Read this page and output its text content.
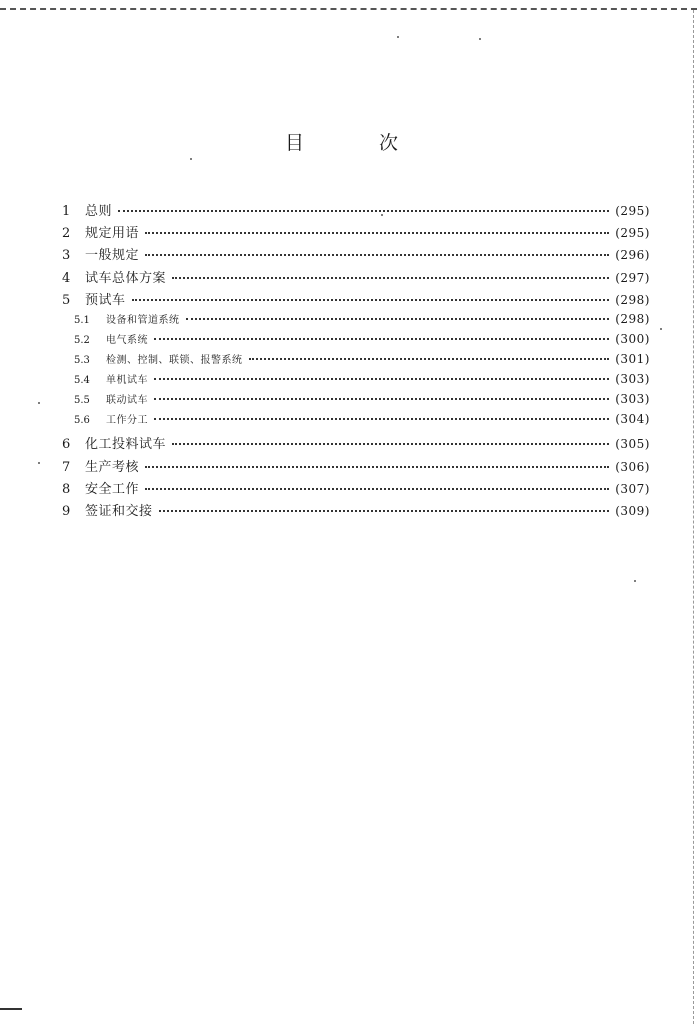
目　次
1	总则	(295)
2	规定用语	(295)
3	一般规定	(296)
4	试车总体方案	(297)
5	预试车	(298)
5.1	设备和管道系统	(298)
5.2	电气系统	(300)
5.3	检测、控制、联锁、报警系统	(301)
5.4	单机试车	(303)
5.5	联动试车	(303)
5.6	工作分工	(304)
6	化工投料试车	(305)
7	生产考核	(306)
8	安全工作	(307)
9	签证和交接	(309)
